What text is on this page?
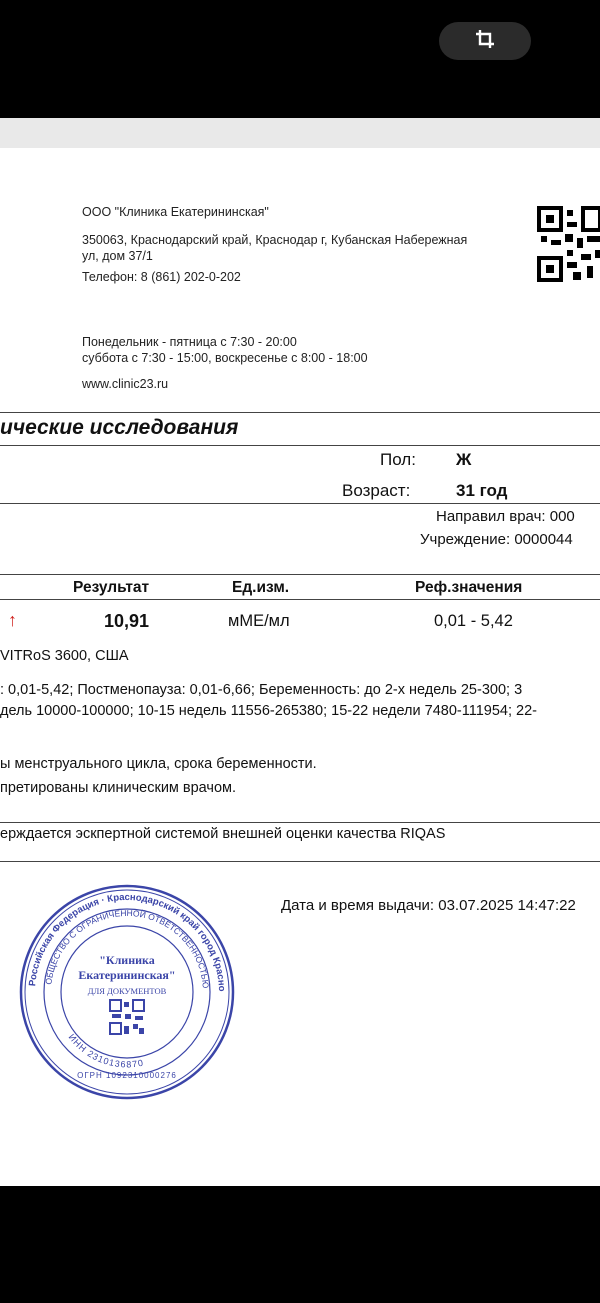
ООО "Клиника Екатерининская"
350063, Краснодарский край, Краснодар г, Кубанская Набережная
ул, дом 37/1
Телефон: 8 (861) 202-0-202
Понедельник - пятница с 7:30 - 20:00
суббота с 7:30 - 15:00, воскресенье с 8:00 - 18:00
www.clinic23.ru
ические исследования
Пол: Ж
Возраст:	31 год
Направил врач: 000
Учреждение: 0000044
Результат	Ед.изм.	Реф.значения
↑	10,91	мМЕ/мл	0,01 - 5,42
VITRoS 3600, США
: 0,01-5,42; Постменопауза: 0,01-6,66; Беременность: до 2-х недель 25-300; 3
дель 10000-100000; 10-15 недель 11556-265380; 15-22 недели 7480-111954; 22-
ы менструального цикла, срока беременности.
претированы клиническим врачом.
ерждается эскпертной системой внешней оценки качества RIQAS
Дата и время выдачи: 03.07.2025 14:47:22
Российская Федерация · Краснодарский край город Красно
ОБЩЕСТВО С ОГРАНИЧЕННОЙ ОТВЕТСТВЕННОСТЬЮ
ИНН 2310136870
"Клиника
Екатерининская"
ДЛЯ ДОКУМЕНТОВ
ОГРН 1092310000276
